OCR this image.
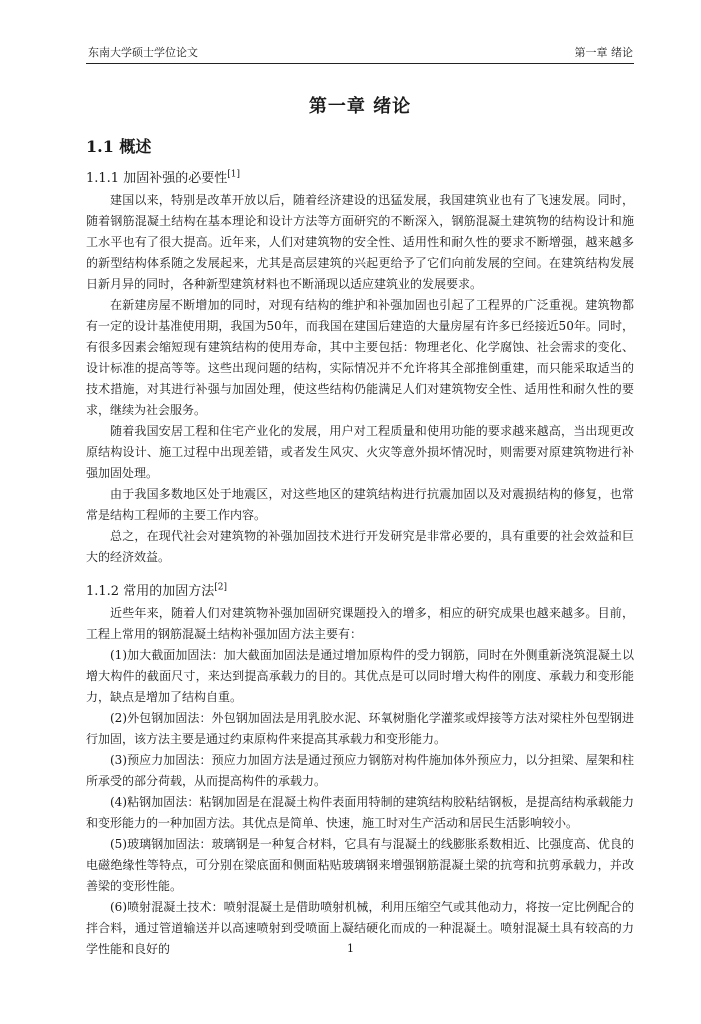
东南大学硕士学位论文	第一章 绪论
第一章 绪论
1.1 概述
1.1.1 加固补强的必要性[1]

建国以来，特别是改革开放以后，随着经济建设的迅猛发展，我国建筑业也有了飞速发展。同时，随着钢筋混凝土结构在基本理论和设计方法等方面研究的不断深入，钢筋混凝土建筑物的结构设计和施工水平也有了很大提高。近年来，人们对建筑物的安全性、适用性和耐久性的要求不断增强，越来越多的新型结构体系随之发展起来，尤其是高层建筑的兴起更给予了它们向前发展的空间。在建筑结构发展日新月异的同时，各种新型建筑材料也不断涌现以适应建筑业的发展要求。

在新建房屋不断增加的同时，对现有结构的维护和补强加固也引起了工程界的广泛重视。建筑物都有一定的设计基准使用期，我国为50年，而我国在建国后建造的大量房屋有许多已经接近50年。同时，有很多因素会缩短现有建筑结构的使用寿命，其中主要包括：物理老化、化学腐蚀、社会需求的变化、设计标准的提高等等。这些出现问题的结构，实际情况并不允许将其全部推倒重建，而只能采取适当的技术措施，对其进行补强与加固处理，使这些结构仍能满足人们对建筑物安全性、适用性和耐久性的要求，继续为社会服务。

随着我国安居工程和住宅产业化的发展，用户对工程质量和使用功能的要求越来越高，当出现更改原结构设计、施工过程中出现差错，或者发生风灾、火灾等意外损坏情况时，则需要对原建筑物进行补强加固处理。

由于我国多数地区处于地震区，对这些地区的建筑结构进行抗震加固以及对震损结构的修复，也常常是结构工程师的主要工作内容。

总之，在现代社会对建筑物的补强加固技术进行开发研究是非常必要的，具有重要的社会效益和巨大的经济效益。

1.1.2 常用的加固方法[2]

近些年来，随着人们对建筑物补强加固研究课题投入的增多，相应的研究成果也越来越多。目前，工程上常用的钢筋混凝土结构补强加固方法主要有：

(1)加大截面加固法：加大截面加固法是通过增加原构件的受力钢筋，同时在外侧重新浇筑混凝土以增大构件的截面尺寸，来达到提高承载力的目的。其优点是可以同时增大构件的刚度、承载力和变形能力，缺点是增加了结构自重。

(2)外包钢加固法：外包钢加固法是用乳胶水泥、环氧树脂化学灌浆或焊接等方法对梁柱外包型钢进行加固，该方法主要是通过约束原构件来提高其承载力和变形能力。

(3)预应力加固法：预应力加固方法是通过预应力钢筋对构件施加体外预应力，以分担梁、屋架和柱所承受的部分荷载，从而提高构件的承载力。

(4)粘钢加固法：粘钢加固是在混凝土构件表面用特制的建筑结构胶粘结钢板，是提高结构承载能力和变形能力的一种加固方法。其优点是简单、快速，施工时对生产活动和居民生活影响较小。

(5)玻璃钢加固法：玻璃钢是一种复合材料，它具有与混凝土的线膨胀系数相近、比强度高、优良的电磁绝缘性等特点，可分别在梁底面和侧面粘贴玻璃钢来增强钢筋混凝土梁的抗弯和抗剪承载力，并改善梁的变形性能。

(6)喷射混凝土技术：喷射混凝土是借助喷射机械，利用压缩空气或其他动力，将按一定比例配合的拌合料，通过管道输送并以高速喷射到受喷面上凝结硬化而成的一种混凝土。喷射混凝土具有较高的力学性能和良好的	1
